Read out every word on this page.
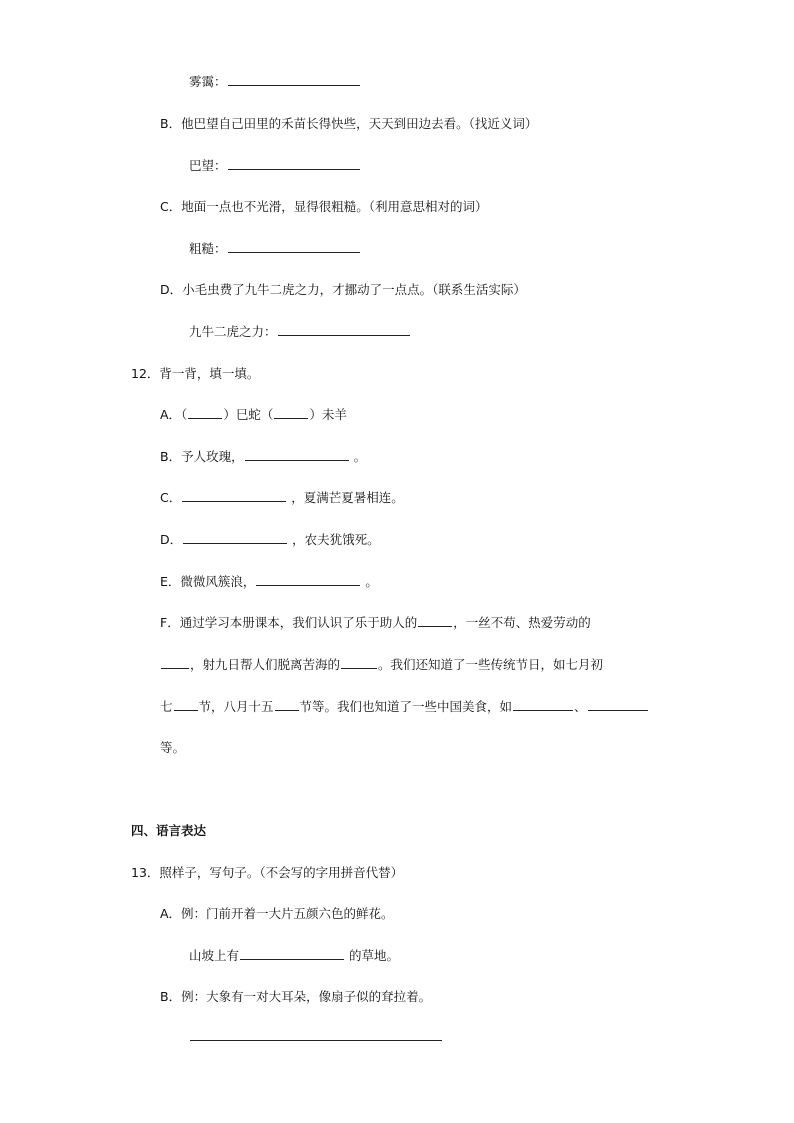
雾霭：
B．他巴望自己田里的禾苗长得快些，天天到田边去看。（找近义词）
巴望：
C．地面一点也不光滑，显得很粗糙。（利用意思相对的词）
粗糙：
D．小毛虫费了九牛二虎之力，才挪动了一点点。（联系生活实际）
九牛二虎之力：
12．背一背，填一填。
A．（	）巳蛇（	）未羊
B．予人玫瑰，	。
C．	，夏满芒夏暑相连。
D．	，农夫犹饿死。
E．微微风簇浪，	。
F．通过学习本册课本，我们认识了乐于助人的	，一丝不苟、热爱劳动的
，射九日帮人们脱离苦海的	。我们还知道了一些传统节日，如七月初
七 节，八月十五 节等。我们也知道了一些中国美食，如	、
等。
四、语言表达
13．照样子，写句子。（不会写的字用拼音代替）
A．例：门前开着一大片五颜六色的鲜花。
山坡上有	的草地。
B．例：大象有一对大耳朵，像扇子似的耷拉着。
